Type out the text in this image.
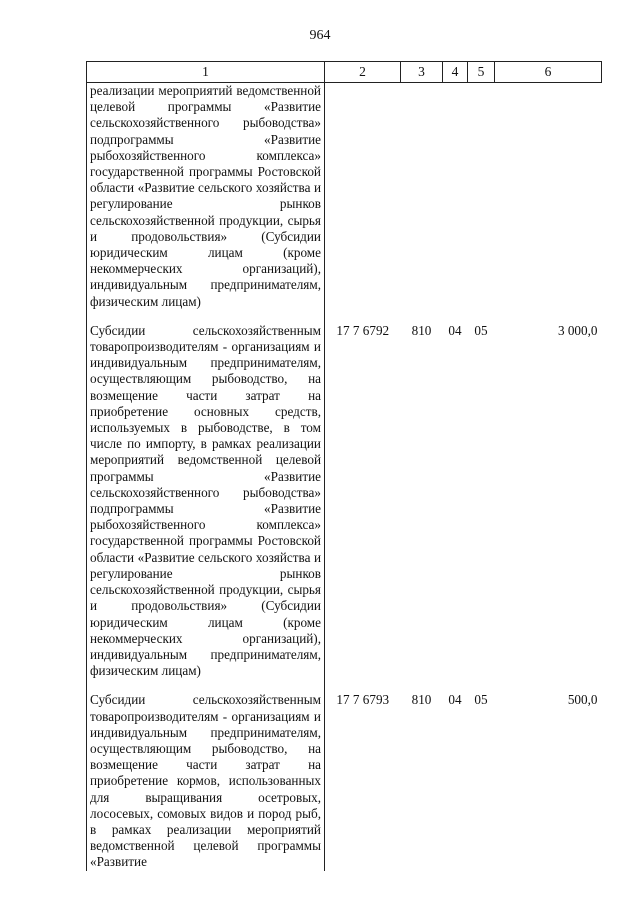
964
1	2	3	4	5	6
реализации мероприятий ведомственной целевой программы «Развитие сельскохозяйственного рыбоводства» подпрограммы «Развитие рыбохозяйственного комплекса» государственной программы Ростовской области «Развитие сельского хозяйства и регулирование рынков сельскохозяйственной продукции, сырья и продовольствия» (Субсидии юридическим лицам (кроме некоммерческих организаций), индивидуальным предпринимателям, физическим лицам)					

Субсидии сельскохозяйственным товаропроизводителям - организациям и индивидуальным предпринимателям, осуществляющим рыбоводство, на возмещение части затрат на приобретение основных средств, используемых в рыбоводстве, в том числе по импорту, в рамках реализации мероприятий ведомственной целевой программы «Развитие сельскохозяйственного рыбоводства» подпрограммы «Развитие рыбохозяйственного комплекса» государственной программы Ростовской области «Развитие сельского хозяйства и регулирование рынков сельскохозяйственной продукции, сырья и продовольствия» (Субсидии юридическим лицам (кроме некоммерческих организаций), индивидуальным предпринимателям, физическим лицам)	17 7 6792	810	04	05	3 000,0

Субсидии сельскохозяйственным товаропроизводителям - организациям и индивидуальным предпринимателям, осуществляющим рыбоводство, на возмещение части затрат на приобретение кормов, использованных для выращивания осетровых, лососевых, сомовых видов и пород рыб, в рамках реализации мероприятий ведомственной целевой программы «Развитие	17 7 6793	810	04	05	500,0
